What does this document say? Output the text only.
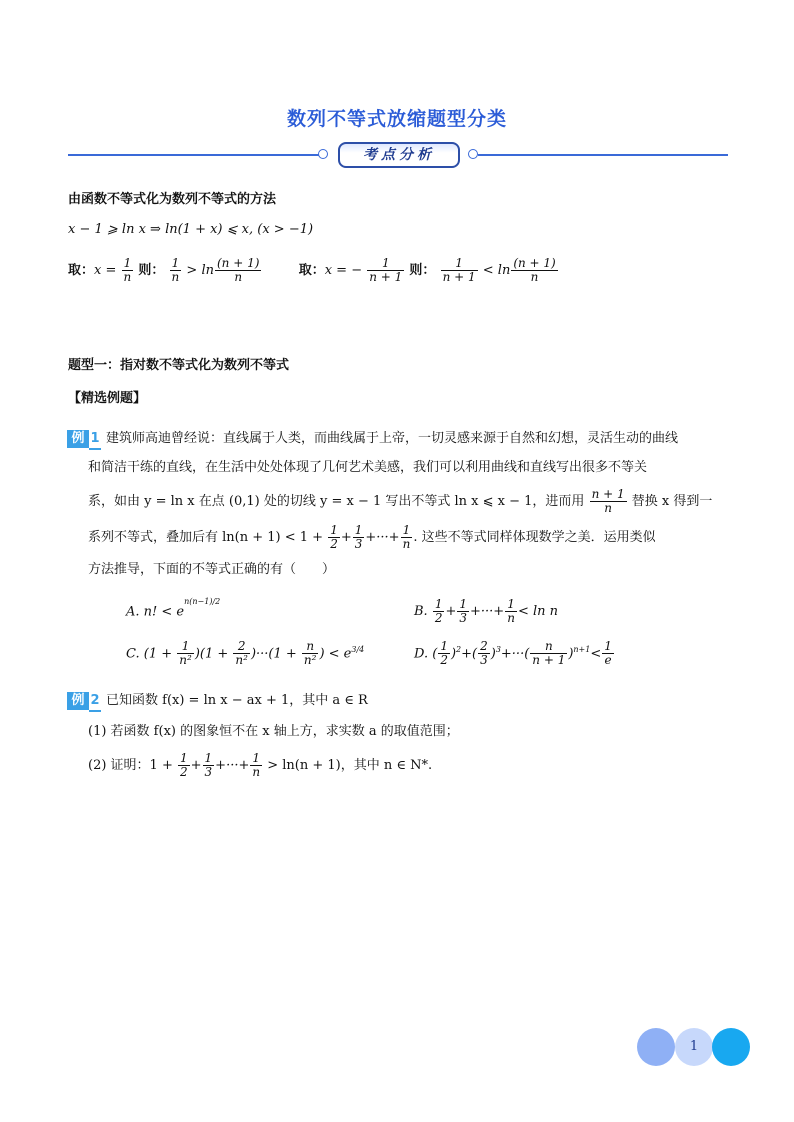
数列不等式放缩题型分类
考点分析
由函数不等式化为数列不等式的方法
x − 1 ⩾ ln x ⇒ ln(1 + x) ⩽ x, (x > −1)
取：$x = \frac{1}{n}$ 则： $\frac{1}{n} > \ln \frac{(n + 1)}{n}$	取：x = − $\frac{1}{n + 1}$ 则： $\frac{1}{n + 1} < \ln \frac{(n + 1)}{n}$
题型一：指对数不等式化为数列不等式
【精选例题】
例 1 建筑师高迪曾经说：直线属于人类，而曲线属于上帝，一切灵感来源于自然和幻想，灵活生动的曲线
和简洁干练的直线，在生活中处处体现了几何艺术美感，我们可以利用曲线和直线写出很多不等关
系，如由 y = ln x 在点 (0,1) 处的切线 y = x − 1 写出不等式 ln x ⩽ x − 1，进而用 $\frac{n + 1}{n}$ 替换 x 得到一
系列不等式，叠加后有 $\ln(n + 1) < 1 + \frac{1}{2} + \frac{1}{3}$ +···+ $\frac{1}{n}$ . 这些不等式同样体现数学之美．运用类似
方法推导，下面的不等式正确的有（　　）
A. n! < $e^{n(n-1)/2}$
B. $\frac{1}{2} + \frac{1}{3}$ +···+ $\frac{1}{n} < \ln n$
C. $(1 + \frac{1}{\text{n²}} )(1 + \frac{2}{\text{n²}} )\cdot\cdot\cdot(1 + \frac{n}{\text{n²}}$ ) < $e^{3/4}$	D. ( $\frac{1}{2} )^2+( \frac{2}{3} )^3+\cdot\cdot\cdot( \frac{n}{n + 1} )^{n+1}< \frac{1}{e}$
例 2 已知函数 f(x) = ln x − ax + 1，其中 a ∈ R
(1) 若函数 f(x) 的图象恒不在 x 轴上方，求实数 a 的取值范围；
(2) 证明：$1 + \frac{1}{2} + \frac{1}{3}$ +···+ $\frac{1}{n} > \ln(n + 1)$，其中 n ∈ N*.
1
